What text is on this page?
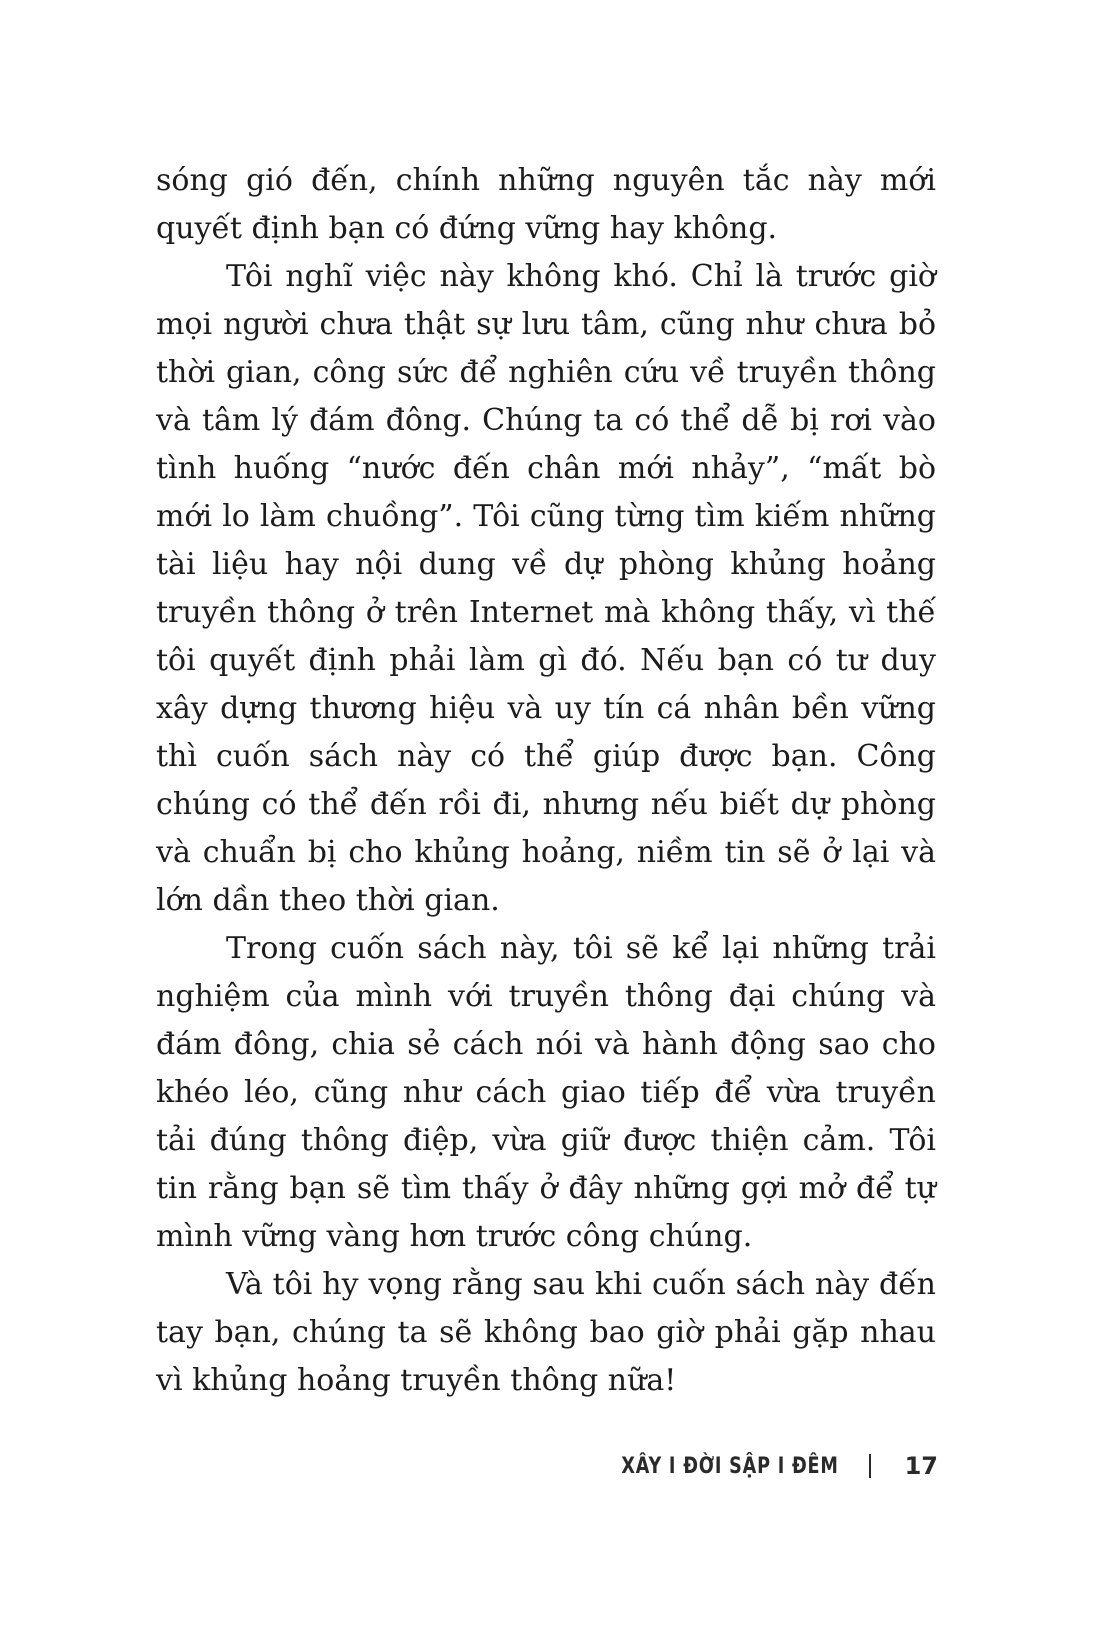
sóng gió đến, chính những nguyên tắc này mới quyết định bạn có đứng vững hay không.

Tôi nghĩ việc này không khó. Chỉ là trước giờ mọi người chưa thật sự lưu tâm, cũng như chưa bỏ thời gian, công sức để nghiên cứu về truyền thông và tâm lý đám đông. Chúng ta có thể dễ bị rơi vào tình huống “nước đến chân mới nhảy”, “mất bò mới lo làm chuồng”. Tôi cũng từng tìm kiếm những tài liệu hay nội dung về dự phòng khủng hoảng truyền thông ở trên Internet mà không thấy, vì thế tôi quyết định phải làm gì đó. Nếu bạn có tư duy xây dựng thương hiệu và uy tín cá nhân bền vững thì cuốn sách này có thể giúp được bạn. Công chúng có thể đến rồi đi, nhưng nếu biết dự phòng và chuẩn bị cho khủng hoảng, niềm tin sẽ ở lại và lớn dần theo thời gian.

Trong cuốn sách này, tôi sẽ kể lại những trải nghiệm của mình với truyền thông đại chúng và đám đông, chia sẻ cách nói và hành động sao cho khéo léo, cũng như cách giao tiếp để vừa truyền tải đúng thông điệp, vừa giữ được thiện cảm. Tôi tin rằng bạn sẽ tìm thấy ở đây những gợi mở để tự mình vững vàng hơn trước công chúng.

Và tôi hy vọng rằng sau khi cuốn sách này đến tay bạn, chúng ta sẽ không bao giờ phải gặp nhau vì khủng hoảng truyền thông nữa!

XÂY I ĐỜI SẬP I ĐÊM	17
